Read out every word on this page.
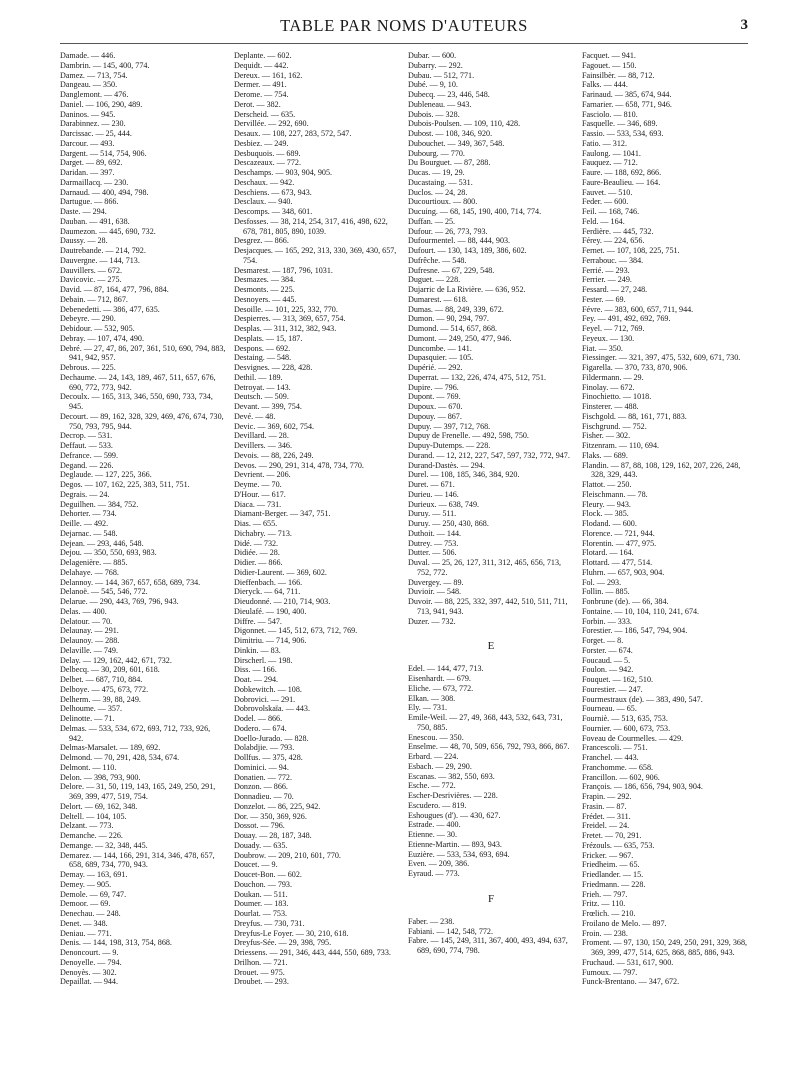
TABLE PAR NOMS D'AUTEURS	3

Damade. — 446.

Dambrin. — 145, 400, 774.

Damez. — 713, 754.

Dangeau. — 350.

Danglemont. — 476.

Daniel. — 106, 290, 489.

Daninos. — 945.

Darabinnez. — 230.

Darcissac. — 25, 444.

Darcour. — 493.

Dargent. — 514, 754, 906.

Darget. — 89, 692.

Daridan. — 397.

Darmaillacq. — 230.

Darnaud. — 400, 494, 798.

Dartugue. — 866.

Daste. — 294.

Dauban. — 491, 638.

Daumezon. — 445, 690, 732.

Daussy. — 28.

Dautrebande. — 214, 792.

Dauvergne. — 144, 713.

Dauvillers. — 672.

Davicovic. — 275.

David. — 87, 164, 477, 796, 884.

Debain. — 712, 867.

Debenedetti. — 386, 477, 635.

Debeyre. — 290.

Debidour. — 532, 905.

Debray. — 107, 474, 490.

Debré. — 27, 47, 86, 207, 361, 510, 690, 794, 883, 941, 942, 957.

Debrous. — 225.

Dechaume. — 24, 143, 189, 467, 511, 657, 676, 690, 772, 773, 942.

Decoulx. — 165, 313, 346, 550, 690, 733, 734, 945.

Decourt. — 89, 162, 328, 329, 469, 476, 674, 730, 750, 793, 795, 944.

Decrop. — 531.

Deffaut. — 533.

Defrance. — 599.

Degand. — 226.

Deglaude. — 127, 225, 366.

Degos. — 107, 162, 225, 383, 511, 751.

Degrais. — 24.

Deguilhen. — 384, 752.

Dehorter. — 734.

Deille. — 492.

Dejarnac. — 548.

Dejean. — 293, 446, 548.

Dejou. — 350, 550, 693, 983.

Delagenière. — 885.

Delahaye. — 768.

Delannoy. — 144, 367, 657, 658, 689, 734.

Delanoë. — 545, 546, 772.

Delarue. — 290, 443, 769, 796, 943.

Delas. — 400.

Delatour. — 70.

Delaunay. — 291.

Delaunoy. — 288.

Delaville. — 749.

Delay. — 129, 162, 442, 671, 732.

Delbecq. — 30, 209, 601, 618.

Delbet. — 687, 710, 884.

Delboye. — 475, 673, 772.

Delherm. — 39, 88, 249.

Delhoume. — 357.

Delinotte. — 71.

Delmas. — 533, 534, 672, 693, 712, 733, 926, 942.

Delmas-Marsalet. — 189, 692.

Delmond. — 70, 291, 428, 534, 674.

Delmont. — 110.

Delon. — 398, 793, 900.

Delore. — 31, 50, 119, 143, 165, 249, 250, 291, 369, 399, 477, 519, 754.

Delort. — 69, 162, 348.

Deltell. — 104, 105.

Delzant. — 773.

Demanche. — 226.

Demange. — 32, 348, 445.

Demarez. — 144, 166, 291, 314, 346, 478, 657, 658, 689, 734, 770, 943.

Demay. — 163, 691.

Demey. — 905.

Demole. — 69, 747.

Demoor. — 69.

Denechau. — 248.

Denet. — 348.

Deniau. — 771.

Denis. — 144, 198, 313, 754, 868.

Denoncourt. — 9.

Denoyelle. — 794.

Denoyès. — 302.

Depaillat. — 944.

Deplante. — 602.

Dequidt. — 442.

Dereux. — 161, 162.

Dermer. — 491.

Derome. — 754.

Derot. — 382.

Derscheid. — 635.

Dervillée. — 292, 690.

Desaux. — 108, 227, 283, 572, 547.

Desbiez. — 249.

Desbuquois. — 689.

Descazeaux. — 772.

Deschamps. — 903, 904, 905.

Deschaux. — 942.

Deschiens. — 673, 943.

Desclaux. — 940.

Descomps. — 348, 601.

Desfosses. — 38, 214, 254, 317, 416, 498, 622, 678, 781, 805, 890, 1039.

Desgrez. — 866.

Desjacques. — 165, 292, 313, 330, 369, 430, 657, 754.

Desmarest. — 187, 796, 1031.

Desmazes. — 384.

Desmonts. — 225.

Desnoyers. — 445.

Desoille. — 101, 225, 332, 770.

Despierres. — 313, 369, 657, 754.

Desplas. — 311, 312, 382, 943.

Desplats. — 15, 187.

Despons. — 692.

Destaing. — 548.

Desvignes. — 228, 428.

Dethil. — 189.

Detroyat. — 143.

Deutsch. — 509.

Devant. — 399, 754.

Devé. — 48.

Devic. — 369, 602, 754.

Devillard. — 28.

Devillers. — 346.

Devois. — 88, 226, 249.

Devos. — 290, 291, 314, 478, 734, 770.

Devrient. — 206.

Deyme. — 70.

D'Hour. — 617.

Diaca. — 731.

Diamant-Berger. — 347, 751.

Dias. — 655.

Dichabry. — 713.

Didé. — 732.

Didiée. — 28.

Didier. — 866.

Didier-Laurent. — 369, 602.

Dieffenbach. — 166.

Dieryck. — 64, 711.

Dieudonné. — 210, 714, 903.

Dieulafé. — 190, 400.

Diffre. — 547.

Digonnet. — 145, 512, 673, 712, 769.

Dimitriu. — 714, 906.

Dinkin. — 83.

Dirscherl. — 198.

Diss. — 166.

Doat. — 294.

Dobkewitch. — 108.

Dobrovici. — 291.

Dobrovolskaïa. — 443.

Dodel. — 866.

Dodero. — 674.

Doello-Jurado. — 828.

Dolabdjie. — 793.

Dollfus. — 375, 428.

Dominici. — 94.

Donatien. — 772.

Donzon. — 866.

Donnadieu. — 70.

Donzelot. — 86, 225, 942.

Dor. — 350, 369, 926.

Dossot. — 796.

Douay. — 28, 187, 348.

Douady. — 635.

Doubrow. — 209, 210, 601, 770.

Doucet. — 9.

Doucet-Bon. — 602.

Douchon. — 793.

Doukan. — 511.

Doumer. — 183.

Dourlat. — 753.

Dreyfus. — 730, 731.

Dreyfus-Le Foyer. — 30, 210, 618.

Dreyfus-Sée. — 29, 398, 795.

Driessens. — 291, 346, 443, 444, 550, 689, 733.

Drilhon. — 721.

Drouet. — 975.

Droubet. — 293.

Dubar. — 600.

Dubarry. — 292.

Dubau. — 512, 771.

Dubé. — 9, 10.

Dubecq. — 23, 446, 548.

Dubleneau. — 943.

Dubois. — 328.

Dubois-Poulsen. — 109, 110, 428.

Dubost. — 108, 346, 920.

Dubouchet. — 349, 367, 548.

Dubourg. — 770.

Du Bourguet. — 87, 288.

Ducas. — 19, 29.

Ducastaing. — 531.

Duclos. — 24, 28.

Ducourtioux. — 800.

Ducuing. — 68, 145, 190, 400, 714, 774.

Duffan. — 25.

Dufour. — 26, 773, 793.

Dufourmentel. — 88, 444, 903.

Dufourt. — 130, 143, 189, 386, 602.

Dufrêche. — 548.

Dufresne. — 67, 229, 548.

Duguet. — 228.

Dujarric de La Rivière. — 636, 952.

Dumarest. — 618.

Dumas. — 88, 249, 339, 672.

Dumon. — 90, 294, 797.

Dumond. — 514, 657, 868.

Dumont. — 249, 250, 477, 946.

Duncombe. — 141.

Dupasquier. — 105.

Dupérié. — 292.

Duperrat. — 132, 226, 474, 475, 512, 751.

Dupire. — 796.

Dupont. — 769.

Dupoux. — 670.

Dupouy. — 867.

Dupuy. — 397, 712, 768.

Dupuy de Frenelle. — 492, 598, 750.

Dupuy-Dutemps. — 228.

Durand. — 12, 212, 227, 547, 597, 732, 772, 947.

Durand-Dastès. — 294.

Durel. — 108, 185, 346, 384, 920.

Duret. — 671.

Durieu. — 146.

Durieux. — 638, 749.

Duruy. — 511.

Duruy. — 250, 430, 868.

Duthoit. — 144.

Dutrey. — 753.

Dutter. — 506.

Duval. — 25, 26, 127, 311, 312, 465, 656, 713, 752, 772.

Duvergey. — 89.

Duvioir. — 548.

Duvoir. — 88, 225, 332, 397, 442, 510, 511, 711, 713, 941, 943.

Duzer. — 732.

E

Edel. — 144, 477, 713.

Eisenhardt. — 679.

Eliche. — 673, 772.

Elkan. — 308.

Ely. — 731.

Emile-Weil. — 27, 49, 368, 443, 532, 643, 731, 750, 885.

Enescou. — 350.

Enselme. — 48, 70, 509, 656, 792, 793, 866, 867.

Erbard. — 224.

Esbach. — 29, 290.

Escanas. — 382, 550, 693.

Esche. — 772.

Escher-Desrivières. — 228.

Escudero. — 819.

Eshougues (d'). — 430, 627.

Estrade. — 400.

Etienne. — 30.

Etienne-Martin. — 893, 943.

Euzière. — 533, 534, 693, 694.

Even. — 209, 386.

Eyraud. — 773.

F

Faber. — 238.

Fabiani. — 142, 548, 772.

Fabre. — 145, 249, 311, 367, 400, 493, 494, 637, 689, 690, 774, 798.

Facquet. — 941.

Fagouet. — 150.

Fainsilbèr. — 88, 712.

Falks. — 444.

Farinaud. — 385, 674, 944.

Farnarier. — 658, 771, 946.

Fasciolo. — 810.

Fasquelle. — 346, 689.

Fassio. — 533, 534, 693.

Fatio. — 312.

Faulong. — 1041.

Fauquez. — 712.

Faure. — 188, 692, 866.

Faure-Beaulieu. — 164.

Fauvet. — 510.

Feder. — 600.

Feil. — 168, 746.

Feld. — 164.

Ferdière. — 445, 732.

Férey. — 224, 656.

Fernet. — 107, 108, 225, 751.

Ferrabouc. — 384.

Ferrié. — 293.

Ferrier. — 249.

Fessard. — 27, 248.

Fester. — 69.

Févre. — 383, 600, 657, 711, 944.

Fey. — 491, 492, 692, 769.

Feyel. — 712, 769.

Feyeux. — 130.

Fiat. — 350.

Fiessinger. — 321, 397, 475, 532, 609, 671, 730.

Figarella. — 370, 733, 870, 906.

Fildermann. — 29.

Finolay. — 672.

Finochietto. — 1018.

Finsterer. — 488.

Fischgold. — 88, 161, 771, 883.

Fischgrund. — 752.

Fisher. — 302.

Fitzenram. — 110, 694.

Flaks. — 689.

Flandin. — 87, 88, 108, 129, 162, 207, 226, 248, 328, 329, 443.

Flattot. — 250.

Fleischmann. — 78.

Fleury. — 943.

Flock. — 385.

Flodand. — 600.

Florence. — 721, 944.

Florentin. — 477, 975.

Flotard. — 164.

Flottard. — 477, 514.

Fluhrn. — 657, 903, 904.

Fol. — 293.

Follin. — 885.

Fonbrune (de). — 66, 384.

Fontaine. — 10, 104, 110, 241, 674.

Forbin. — 333.

Forestier. — 186, 547, 794, 904.

Forget. — 8.

Forster. — 674.

Foucaud. — 5.

Foulon. — 942.

Fouquet. — 162, 510.

Fourestier. — 247.

Fourmestraux (de). — 383, 490, 547.

Fourneau. — 65.

Fourniè. — 513, 635, 753.

Fournier. — 600, 673, 753.

Foveau de Courmelles. — 429.

Francescoli. — 751.

Franchel. — 443.

Franchomme. — 658.

Francillon. — 602, 906.

François. — 186, 656, 794, 903, 904.

Frapin. — 292.

Frasin. — 87.

Frédet. — 311.

Freidel. — 24.

Fretet. — 70, 291.

Frézouls. — 635, 753.

Fricker. — 967.

Friedheim. — 65.

Friedlander. — 15.

Friedmann. — 228.

Frieh. — 797.

Fritz. — 110.

Frœlich. — 210.

Froilano de Melo. — 897.

Froin. — 238.

Froment. — 97, 130, 150, 249, 250, 291, 329, 368, 369, 399, 477, 514, 625, 868, 885, 886, 943.

Fruchaud. — 531, 617, 900.

Fumoux. — 797.

Funck-Brentano. — 347, 672.
